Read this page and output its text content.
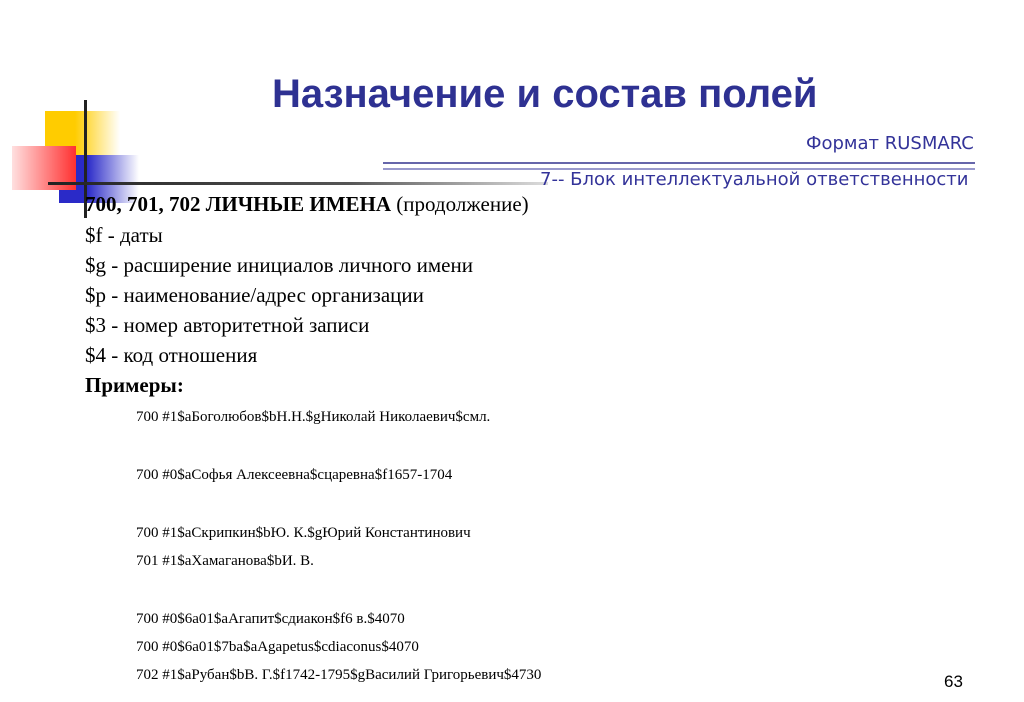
Назначение и состав полей
Формат RUSMARC
7-- Блок интеллектуальной ответственности
700, 701, 702 ЛИЧНЫЕ ИМЕНА (продолжение)
$f - даты
$g - расширение инициалов личного имени
$p - наименование/адрес организации
$3 - номер авторитетной записи
$4 - код отношения
Примеры:
700 #1$aБоголюбов$bН.Н.$gНиколай Николаевич$cмл.
700 #0$aСофья Алексеевна$cцаревна$f1657-1704
700 #1$aСкрипкин$bЮ. К.$gЮрий Константинович
701 #1$aХамаганова$bИ. В.
700 #0$6a01$aАгапит$cдиакон$f6 в.$4070
700 #0$6a01$7ba$aAgapetus$cdiaconus$4070
702 #1$aРубан$bВ. Г.$f1742-1795$gВасилий Григорьевич$4730	63
